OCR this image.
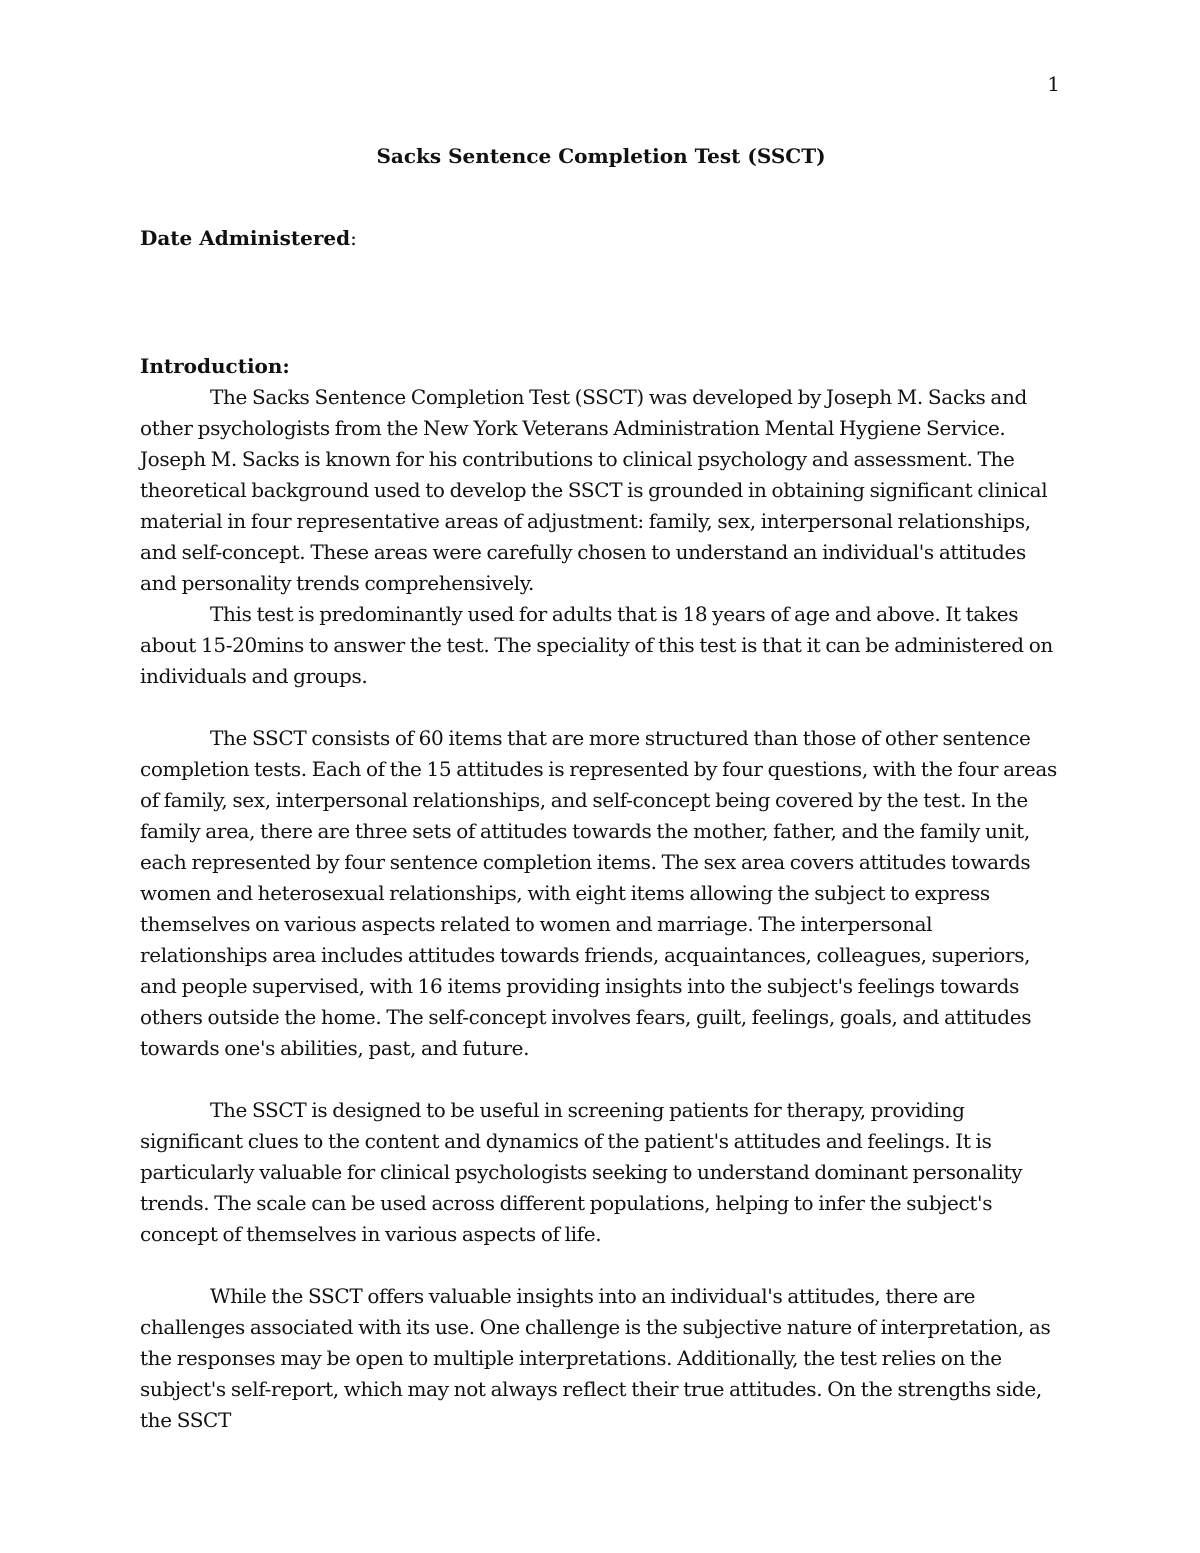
1
Sacks Sentence Completion Test (SSCT)
Date Administered:
Introduction:

The Sacks Sentence Completion Test (SSCT) was developed by Joseph M. Sacks and other psychologists from the New York Veterans Administration Mental Hygiene Service. Joseph M. Sacks is known for his contributions to clinical psychology and assessment. The theoretical background used to develop the SSCT is grounded in obtaining significant clinical material in four representative areas of adjustment: family, sex, interpersonal relationships, and self-concept. These areas were carefully chosen to understand an individual's attitudes and personality trends comprehensively.

This test is predominantly used for adults that is 18 years of age and above. It takes about 15-20mins to answer the test. The speciality of this test is that it can be administered on individuals and groups.

The SSCT consists of 60 items that are more structured than those of other sentence completion tests. Each of the 15 attitudes is represented by four questions, with the four areas of family, sex, interpersonal relationships, and self-concept being covered by the test. In the family area, there are three sets of attitudes towards the mother, father, and the family unit, each represented by four sentence completion items. The sex area covers attitudes towards women and heterosexual relationships, with eight items allowing the subject to express themselves on various aspects related to women and marriage. The interpersonal relationships area includes attitudes towards friends, acquaintances, colleagues, superiors, and people supervised, with 16 items providing insights into the subject's feelings towards others outside the home. The self-concept involves fears, guilt, feelings, goals, and attitudes towards one's abilities, past, and future.

The SSCT is designed to be useful in screening patients for therapy, providing significant clues to the content and dynamics of the patient's attitudes and feelings. It is particularly valuable for clinical psychologists seeking to understand dominant personality trends. The scale can be used across different populations, helping to infer the subject's concept of themselves in various aspects of life.

While the SSCT offers valuable insights into an individual's attitudes, there are challenges associated with its use. One challenge is the subjective nature of interpretation, as the responses may be open to multiple interpretations. Additionally, the test relies on the subject's self-report, which may not always reflect their true attitudes. On the strengths side, the SSCT
